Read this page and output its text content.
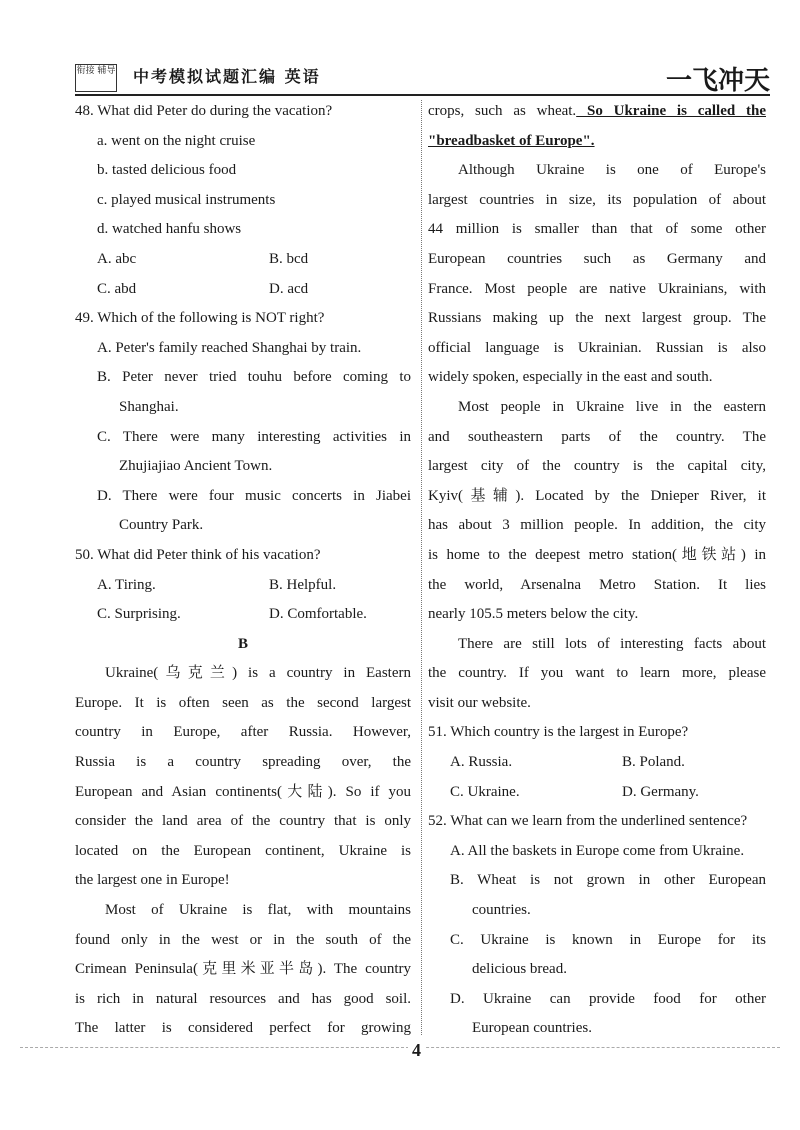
衔接 辅导 中考模拟试题汇编 英语	一飞冲天
48. What did Peter do during the vacation?
a. went on the night cruise
b. tasted delicious food
c. played musical instruments
d. watched hanfu shows
A. abc	B. bcd
C. abd	D. acd
49. Which of the following is NOT right?
A. Peter's family reached Shanghai by train.
B. Peter never tried touhu before coming to
Shanghai.
C. There were many interesting activities in
Zhujiajiao Ancient Town.
D. There were four music concerts in Jiabei
Country Park.
50. What did Peter think of his vacation?
A. Tiring.	B. Helpful.
C. Surprising.	D. Comfortable.
B
Ukraine(乌克兰) is a country in Eastern
Europe. It is often seen as the second largest
country in Europe, after Russia. However,
Russia is a country spreading over, the
European and Asian continents(大陆). So if you
consider the land area of the country that is only
located on the European continent, Ukraine is
the largest one in Europe!
Most of Ukraine is flat, with mountains
found only in the west or in the south of the
Crimean Peninsula(克里米亚半岛). The country
is rich in natural resources and has good soil.
The latter is considered perfect for growing
crops, such as wheat. So Ukraine is called the
"breadbasket of Europe".
Although Ukraine is one of Europe's
largest countries in size, its population of about
44 million is smaller than that of some other
European countries such as Germany and
France. Most people are native Ukrainians, with
Russians making up the next largest group. The
official language is Ukrainian. Russian is also
widely spoken, especially in the east and south.
Most people in Ukraine live in the eastern
and southeastern parts of the country. The
largest city of the country is the capital city,
Kyiv(基辅). Located by the Dnieper River, it
has about 3 million people. In addition, the city
is home to the deepest metro station(地铁站) in
the world, Arsenalna Metro Station. It lies
nearly 105.5 meters below the city.
There are still lots of interesting facts about
the country. If you want to learn more, please
visit our website.
51. Which country is the largest in Europe?
A. Russia.	B. Poland.
C. Ukraine.	D. Germany.
52. What can we learn from the underlined sentence?
A. All the baskets in Europe come from Ukraine.
B. Wheat is not grown in other European
countries.
C. Ukraine is known in Europe for its
delicious bread.
D. Ukraine can provide food for other
European countries.
4
